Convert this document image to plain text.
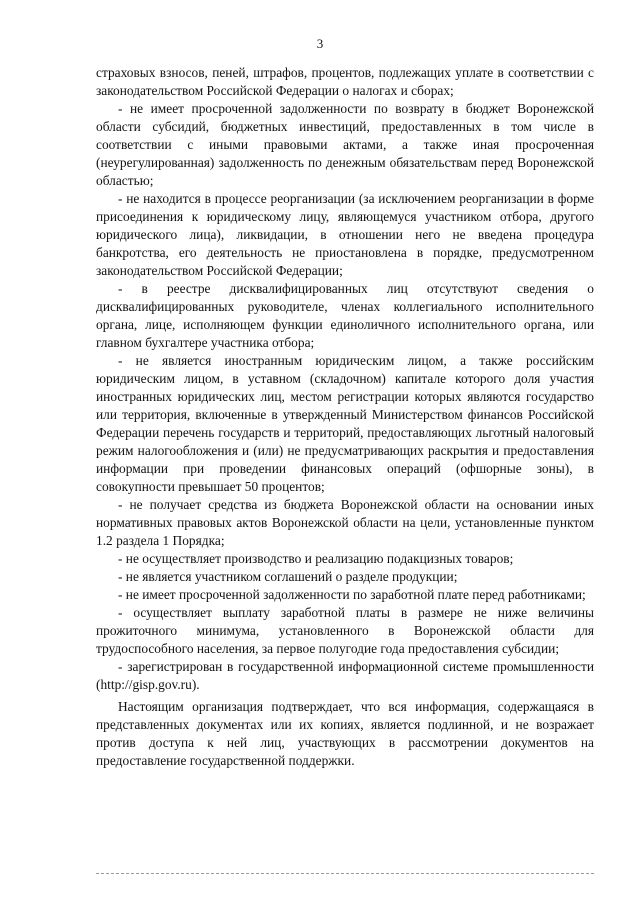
3

страховых взносов, пеней, штрафов, процентов, подлежащих уплате в соответствии с законодательством Российской Федерации о налогах и сборах;

- не имеет просроченной задолженности по возврату в бюджет Воронежской области субсидий, бюджетных инвестиций, предоставленных в том числе в соответствии с иными правовыми актами, а также иная просроченная (неурегулированная) задолженность по денежным обязательствам перед Воронежской областью;

- не находится в процессе реорганизации (за исключением реорганизации в форме присоединения к юридическому лицу, являющемуся участником отбора, другого юридического лица), ликвидации, в отношении него не введена процедура банкротства, его деятельность не приостановлена в порядке, предусмотренном законодательством Российской Федерации;

- в реестре дисквалифицированных лиц отсутствуют сведения о дисквалифицированных руководителе, членах коллегиального исполнительного органа, лице, исполняющем функции единоличного исполнительного органа, или главном бухгалтере участника отбора;

- не является иностранным юридическим лицом, а также российским юридическим лицом, в уставном (складочном) капитале которого доля участия иностранных юридических лиц, местом регистрации которых являются государство или территория, включенные в утвержденный Министерством финансов Российской Федерации перечень государств и территорий, предоставляющих льготный налоговый режим налогообложения и (или) не предусматривающих раскрытия и предоставления информации при проведении финансовых операций (офшорные зоны), в совокупности превышает 50 процентов;

- не получает средства из бюджета Воронежской области на основании иных нормативных правовых актов Воронежской области на цели, установленные пунктом 1.2 раздела 1 Порядка;

- не осуществляет производство и реализацию подакцизных товаров;

- не является участником соглашений о разделе продукции;

- не имеет просроченной задолженности по заработной плате перед работниками;

- осуществляет выплату заработной платы в размере не ниже величины прожиточного минимума, установленного в Воронежской области для трудоспособного населения, за первое полугодие года предоставления субсидии;

- зарегистрирован в государственной информационной системе промышленности (http://gisp.gov.ru).

Настоящим организация подтверждает, что вся информация, содержащаяся в представленных документах или их копиях, является подлинной, и не возражает против доступа к ней лиц, участвующих в рассмотрении документов на предоставление государственной поддержки.
